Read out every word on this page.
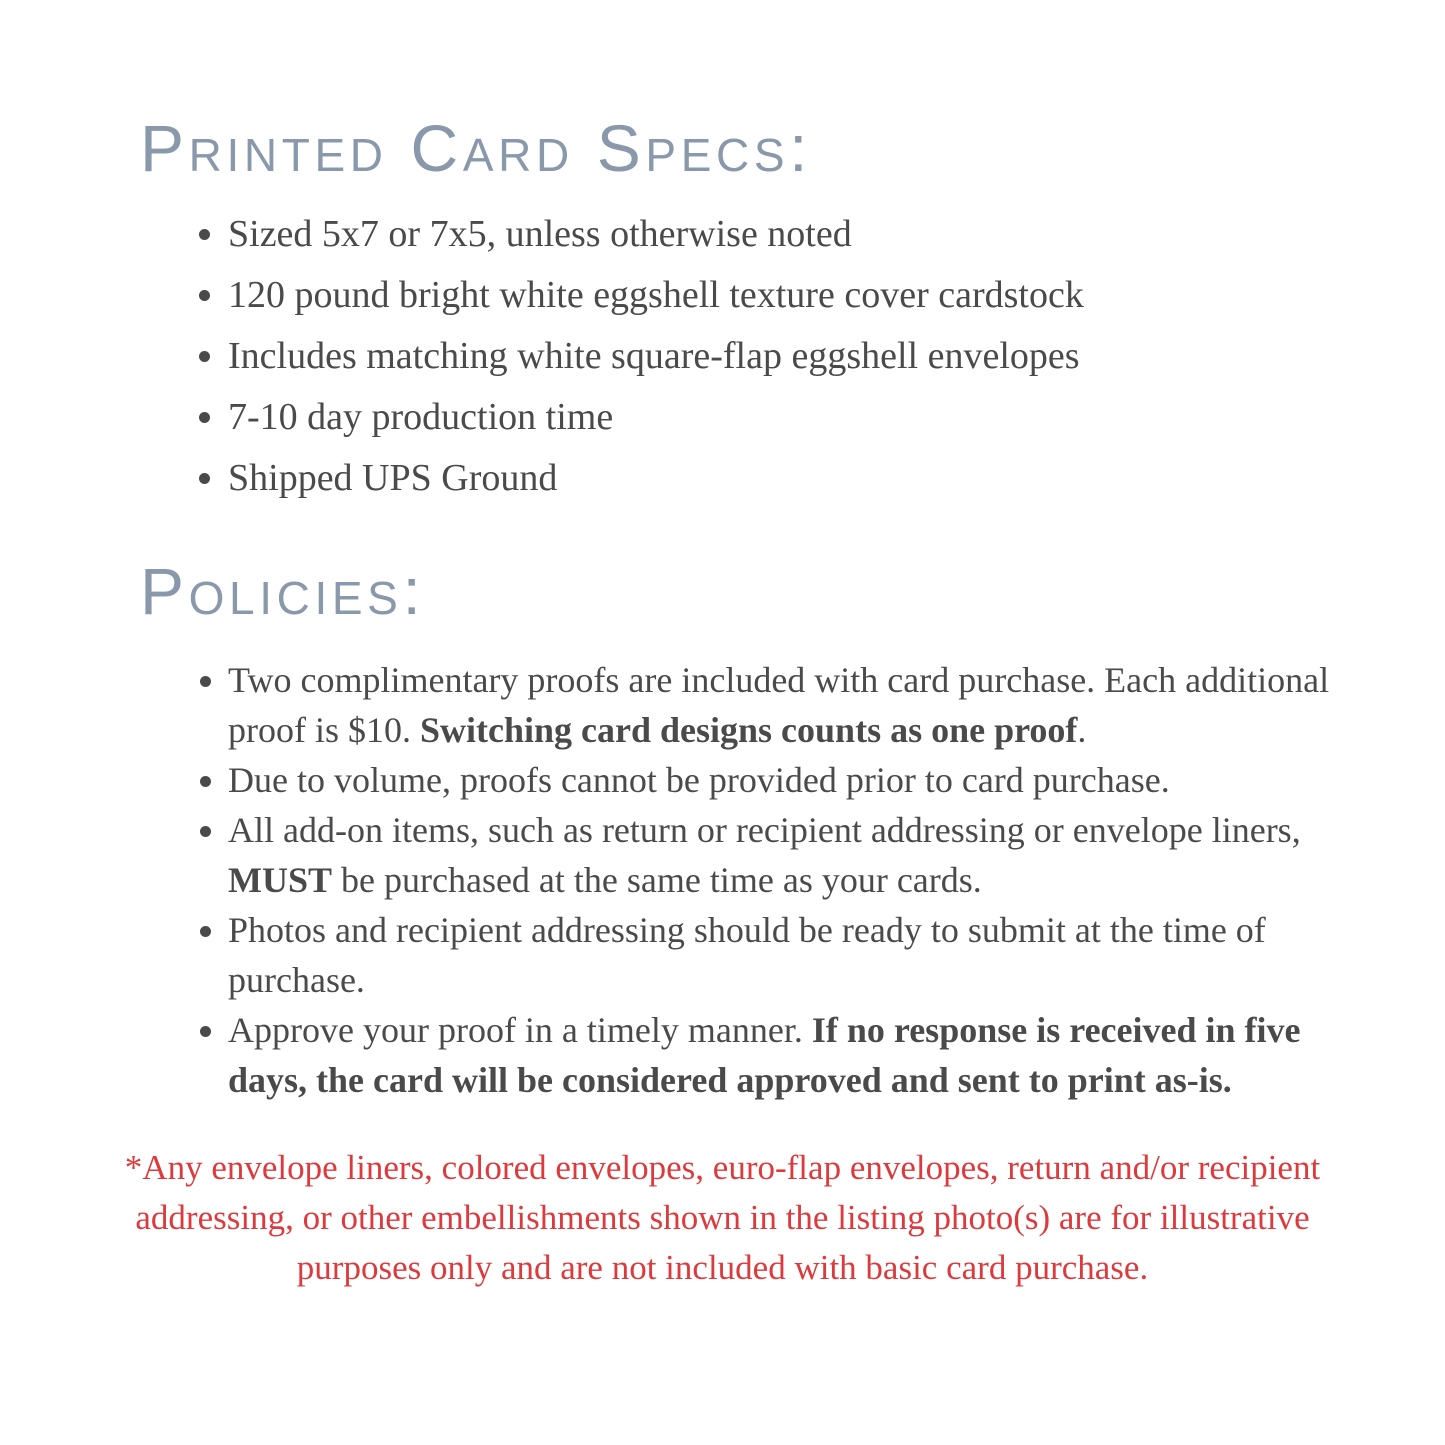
Printed Card Specs:
• Sized 5x7 or 7x5, unless otherwise noted
• 120 pound bright white eggshell texture cover cardstock
• Includes matching white square-flap eggshell envelopes
• 7-10 day production time
• Shipped UPS Ground
Policies:
• Two complimentary proofs are included with card purchase. Each additional proof is $10. Switching card designs counts as one proof.
• Due to volume, proofs cannot be provided prior to card purchase.
• All add-on items, such as return or recipient addressing or envelope liners, MUST be purchased at the same time as your cards.
• Photos and recipient addressing should be ready to submit at the time of purchase.
• Approve your proof in a timely manner. If no response is received in five days, the card will be considered approved and sent to print as-is.

*Any envelope liners, colored envelopes, euro-flap envelopes, return and/or recipient addressing, or other embellishments shown in the listing photo(s) are for illustrative purposes only and are not included with basic card purchase.
